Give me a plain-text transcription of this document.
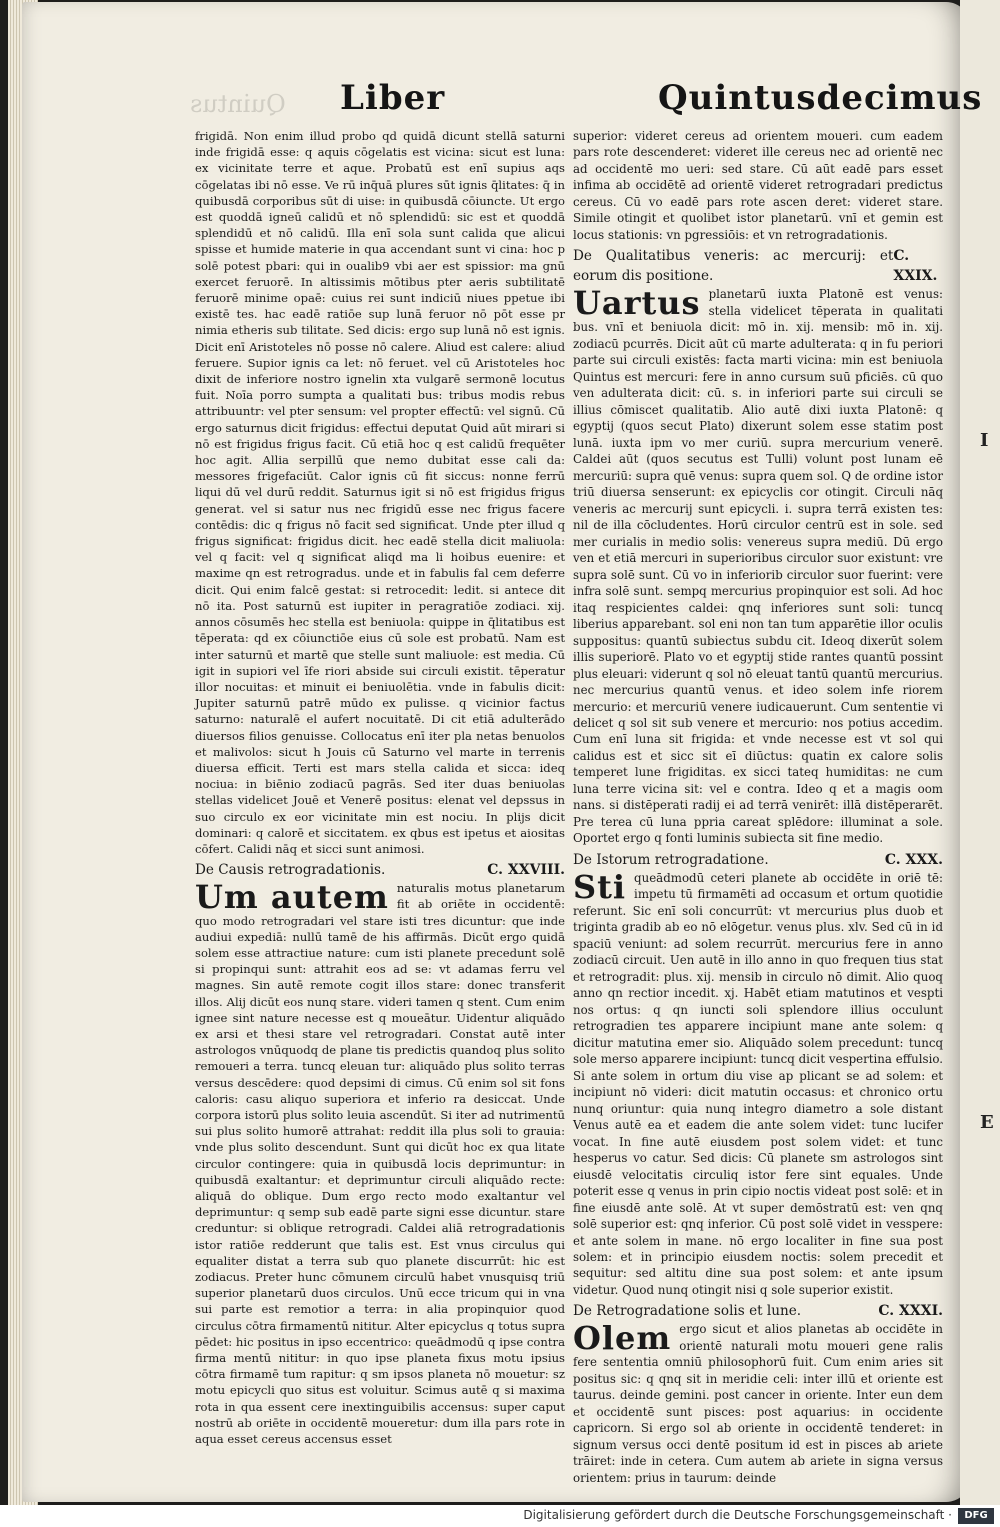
Quintus
I
E
Liber	Quintusdecimus

frigidā. Non enim illud probo qd quidā dicunt stellā saturni inde frigidā esse: q aquis cōgelatis est vicina: sicut est luna: ex vicinitate terre et aque. Probatū est enī supius aqs cōgelatas ibi nō esse. Ve rū inq̄uā plures sūt ignis q̄litates: q̄ in quibusdā corporibus sūt di uise: in quibusdā cōiuncte. Ut ergo est quoddā igneū calidū et nō splendidū: sic est et quoddā splendidū et nō calidū. Illa enī sola sunt calida que alicui spisse et humide materie in qua accendant sunt vi cina: hoc p solē potest pbari: qui in oualib9 vbi aer est spissior: ma gnū exercet feruorē. In altissimis mōtibus pter aeris subtilitatē feruorē minime opaē: cuius rei sunt indiciū niues ppetue ibi existē tes. hac eadē ratiōe sup lunā feruor nō pōt esse pr nimia etheris sub tilitate. Sed dicis: ergo sup lunā nō est ignis. Dicit enī Aristoteles nō posse nō calere. Aliud est calere: aliud feruere. Supior ignis ca let: nō feruet. vel cū Aristoteles hoc dixit de inferiore nostro ignelin xta vulgarē sermonē locutus fuit. Noīa porro sumpta a qualitati bus: tribus modis rebus attribuuntr: vel pter sensum: vel propter effectū: vel signū. Cū ergo saturnus dicit frigidus: effectui deputat Quid aūt mirari si nō est frigidus frigus facit. Cū etiā hoc q est calidū frequēter hoc agit. Allia serpillū que nemo dubitat esse cali da: messores frigefaciūt. Calor ignis cū fit siccus: nonne ferrū liqui dū vel durū reddit. Saturnus igit si nō est frigidus frigus generat. vel si satur nus nec frigidū esse nec frigus facere contēdis: dic q frigus nō facit sed significat. Unde pter illud q frigus significat: frigidus dicit. hec eadē stella dicit maliuola: vel q facit: vel q significat aliqd ma li hoibus euenire: et maxime qn est retrogradus. unde et in fabulis fal cem deferre dicit. Qui enim falcē gestat: si retrocedit: ledit. si antece dit nō ita. Post saturnū est iupiter in peragratiōe zodiaci. xij. annos cōsumēs hec stella est beniuola: quippe in q̄litatibus est tēperata: qd ex cōiunctiōe eius cū sole est probatū. Nam est inter saturnū et martē que stelle sunt maliuole: est media. Cū igit in supiori vel īfe riori abside sui circuli existit. tēperatur illor nocuitas: et minuit ei beniuolētia. vnde in fabulis dicit: Jupiter saturnū patrē mūdo ex pulisse. q vicinior factus saturno: naturalē el aufert nocuitatē. Di cit etiā adulterādo diuersos filios genuisse. Collocatus enī iter pla netas benuolos et malivolos: sicut h Jouis cū Saturno vel marte in terrenis diuersa efficit. Terti est mars stella calida et sicca: ideq nociua: in biēnio zodiacū pagrās. Sed iter duas beniuolas stellas videlicet Jouē et Venerē positus: elenat vel depssus in suo circulo ex eor vicinitate min est nociu. In plijs dicit dominari: q calorē et siccitatem. ex qbus est ipetus et aiositas cōfert. Calidi nāq et sicci sunt animosi.

De Causis retrogradationis.	C. XXVIII.

Um autem naturalis motus planetarum fit ab oriēte in occidentē: quo modo retrogradari vel stare isti tres dicuntur: que inde audiui expediā: nullū tamē de his affirmās. Dicūt ergo quidā solem esse attractiue nature: cum isti planete precedunt solē si propinqui sunt: attrahit eos ad se: vt adamas ferru vel magnes. Sin autē remote cogit illos stare: donec transferit illos. Alij dicūt eos nunq stare. videri tamen q stent. Cum enim ignee sint nature necesse est q moueātur. Uidentur aliquādo ex arsi et thesi stare vel retrogradari. Constat autē inter astrologos vnūquodq de plane tis predictis quandoq plus solito remoueri a terra. tuncq eleuan tur: aliquādo plus solito terras versus descēdere: quod depsimi di cimus. Cū enim sol sit fons caloris: casu aliquo superiora et inferio ra desiccat. Unde corpora istorū plus solito leuia ascendūt. Si iter ad nutrimentū sui plus solito humorē attrahat: reddit illa plus soli to grauia: vnde plus solito descendunt. Sunt qui dicūt hoc ex qua litate circulor contingere: quia in quibusdā locis deprimuntur: in quibusdā exaltantur: et deprimuntur circuli aliquādo recte: aliquā do oblique. Dum ergo recto modo exaltantur vel deprimuntur: q semp sub eadē parte signi esse dicuntur. stare creduntur: si oblique retrogradi. Caldei aliā retrogradationis istor ratiōe redderunt que talis est. Est vnus circulus qui equaliter distat a terra sub quo planete discurrūt: hic est zodiacus. Preter hunc cōmunem circulū habet vnusquisq triū superior planetarū duos circulos. Unū ecce tricum qui in vna sui parte est remotior a terra: in alia propinquior quod circulus cōtra firmamentū nititur. Alter epicyclus q totus supra pēdet: hic positus in ipso eccentrico: queādmodū q ipse contra firma mentū nititur: in quo ipse planeta fixus motu ipsius cōtra firmamē tum rapitur: q sm ipsos planeta nō mouetur: sz motu epicycli quo situs est voluitur. Scimus autē q si maxima rota in qua essent cere inextinguibilis accensus: super caput nostrū ab oriēte in occidentē moueretur: dum illa pars rote in aqua esset cereus accensus esset

superior: videret cereus ad orientem moueri. cum eadem pars rote descenderet: videret ille cereus nec ad orientē nec ad occidentē mo ueri: sed stare. Cū aūt eadē pars esset infima ab occidētē ad orientē videret retrogradari predictus cereus. Cū vo eadē pars rote ascen deret: videret stare. Simile otingit et quolibet istor planetarū. vnī et gemin est locus stationis: vn pgressiōis: et vn retrogradationis.

De Qualitatibus veneris: ac mercurij: et eorum dis positione.
C. XXIX.

Uartus planetarū iuxta Platonē est venus: stella videlicet tēperata in qualitati bus. vnī et beniuola dicit: mō in. xij. mensib: mō in. xij. zodiacū pcurrēs. Dicit aūt cū marte adulterata: q in fu periori parte sui circuli existēs: facta marti vicina: min est beniuola Quintus est mercuri: fere in anno cursum suū pficiēs. cū quo ven adulterata dicit: cū. s. in inferiori parte sui circuli se illius cōmiscet qualitatib. Alio autē dixi iuxta Platonē: q egyptij (quos secut Plato) dixerunt solem esse statim post lunā. iuxta ipm vo mer curiū. supra mercurium venerē. Caldei aūt (quos secutus est Tulli) volunt post lunam eē mercuriū: supra quē venus: supra quem sol. Q de ordine istor triū diuersa senserunt: ex epicyclis cor otingit. Circuli nāq veneris ac mercurij sunt epicycli. i. supra terrā existen tes: nil de illa cōcludentes. Horū circulor centrū est in sole. sed mer curialis in medio solis: venereus supra mediū. Dū ergo ven et etiā mercuri in superioribus circulor suor existunt: vre supra solē sunt. Cū vo in inferiorib circulor suor fuerint: vere infra solē sunt. sempq mercurius propinquior est soli. Ad hoc itaq respicientes caldei: qnq inferiores sunt soli: tuncq liberius apparebant. sol eni non tan tum apparētie illor oculis suppositus: quantū subiectus subdu cit. Ideoq dixerūt solem illis superiorē. Plato vo et egyptij stide rantes quantū possint plus eleuari: viderunt q sol nō eleuat tantū quantū mercurius. nec mercurius quantū venus. et ideo solem infe riorem mercurio: et mercuriū venere iudicauerunt. Cum sententie vi delicet q sol sit sub venere et mercurio: nos potius accedim. Cum enī luna sit frigida: et vnde necesse est vt sol qui calidus est et sicc sit eī diūctus: quatin ex calore solis temperet lune frigiditas. ex sicci tateq humiditas: ne cum luna terre vicina sit: vel e contra. Ideo q et a magis oom nans. si distēperati radij ei ad terrā venirēt: illā distēperarēt. Pre terea cū luna ppria careat splēdore: illuminat a sole. Oportet ergo q fonti luminis subiecta sit fine medio.

De Istorum retrogradatione.	C. XXX.

Sti queādmodū ceteri planete ab occidēte in oriē tē: impetu tū firmamēti ad occasum et ortum quotidie referunt. Sic enī soli concurrūt: vt mercurius plus duob et triginta gradib ab eo nō elōgetur. venus plus. xlv. Sed cū in id spaciū veniunt: ad solem recurrūt. mercurius fere in anno zodiacū circuit. Uen autē in illo anno in quo frequen tius stat et retrogradit: plus. xij. mensib in circulo nō dimit. Alio quoq anno qn rectior incedit. xj. Habēt etiam matutinos et vespti nos ortus: q qn iuncti soli splendore illius occulunt retrogradien tes apparere incipiunt mane ante solem: q dicitur matutina emer sio. Aliquādo solem precedunt: tuncq sole merso apparere incipiunt: tuncq dicit vespertina effulsio. Si ante solem in ortum diu vise ap plicant se ad solem: et incipiunt nō videri: dicit matutin occasus: et chronico ortu nunq oriuntur: quia nunq integro diametro a sole distant Venus autē ea et eadem die ante solem videt: tunc lucifer vocat. In fine autē eiusdem post solem videt: et tunc hesperus vo catur. Sed dicis: Cū planete sm astrologos sint eiusdē velocitatis circuliq istor fere sint equales. Unde poterit esse q venus in prin cipio noctis videat post solē: et in fine eiusdē ante solē. At vt super demōstratū est: ven qnq solē superior est: qnq inferior. Cū post solē videt in vesspere: et ante solem in mane. nō ergo localiter in fine sua post solem: et in principio eiusdem noctis: solem precedit et sequitur: sed altitu dine sua post solem: et ante ipsum videtur. Quod nunq otingit nisi q sole superior existit.

De Retrogradatione solis et lune.	C. XXXI.

Olem ergo sicut et alios planetas ab occidēte in orientē naturali motu moueri gene ralis fere sententia omniū philosophorū fuit. Cum enim aries sit positus sic: q qnq sit in meridie celi: inter illū et oriente est taurus. deinde gemini. post cancer in oriente. Inter eun dem et occidentē sunt pisces: post aquarius: in occidente capricorn. Si ergo sol ab oriente in occidentē tenderet: in signum versus occi dentē positum id est in pisces ab ariete trāiret: inde in cetera. Cum autem ab ariete in signa versus orientem: prius in taurum: deinde

Digitalisierung gefördert durch die Deutsche Forschungsgemeinschaft ·	DFG
